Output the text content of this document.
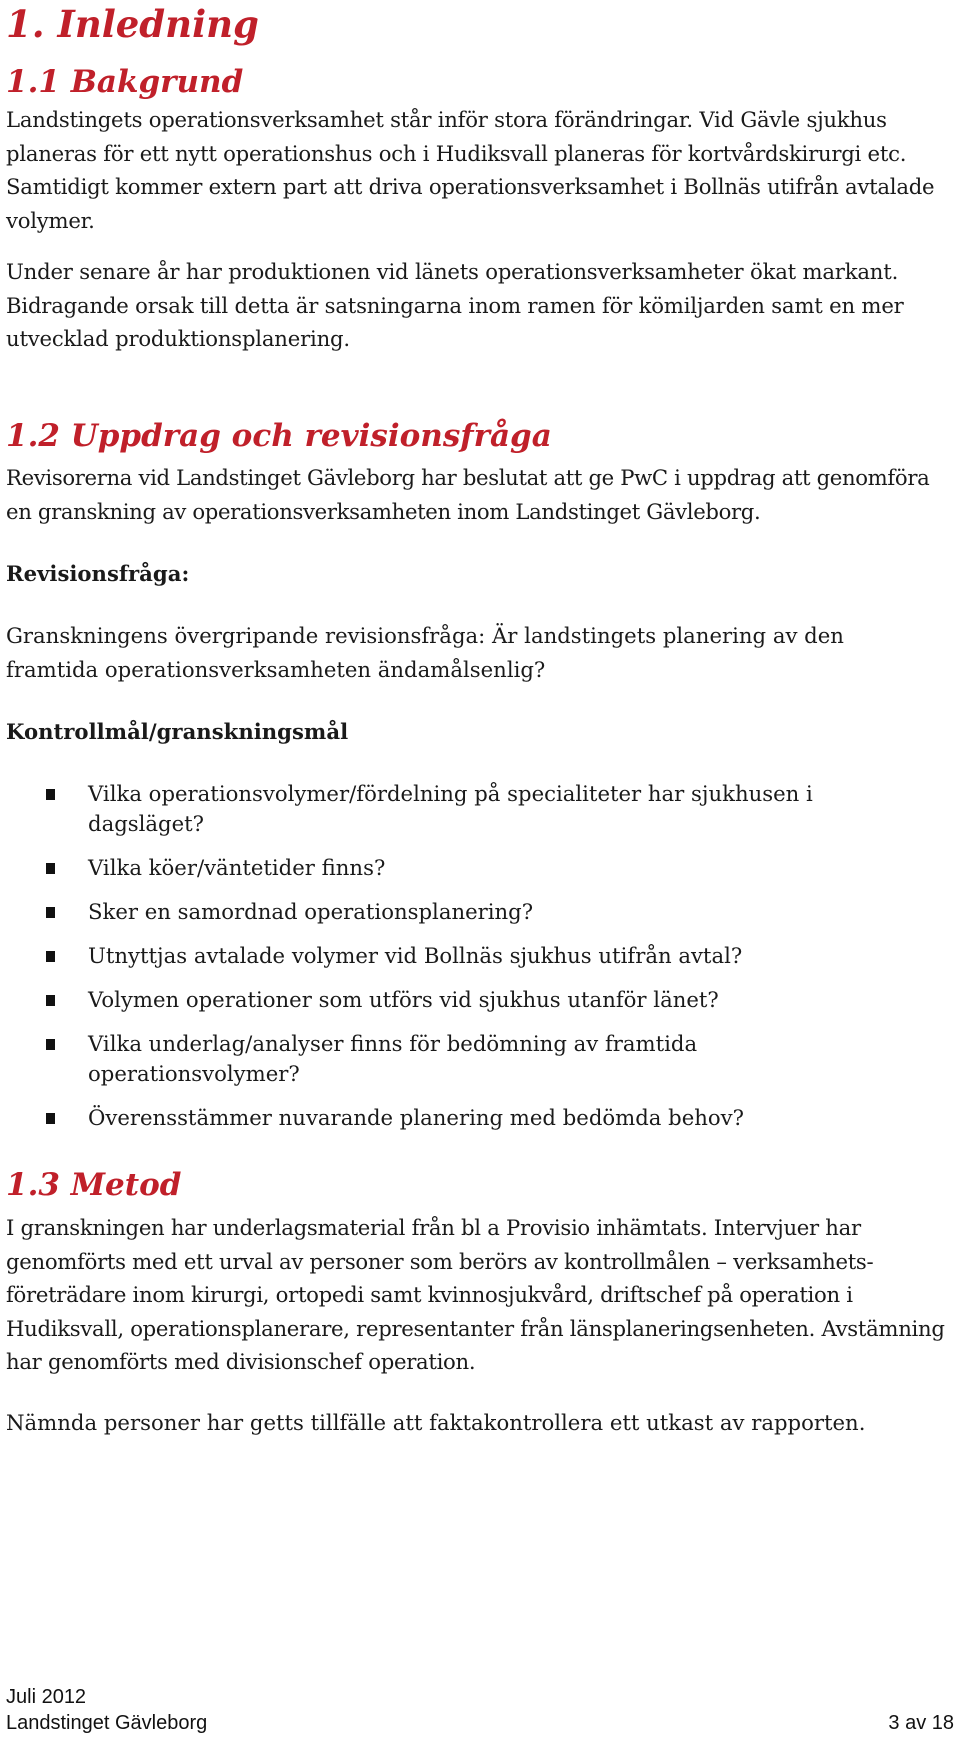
1. Inledning
1.1 Bakgrund

Landstingets operationsverksamhet står inför stora förändringar. Vid Gävle sjukhus planeras för ett nytt operationshus och i Hudiksvall planeras för kortvårdskirurgi etc. Samtidigt kommer extern part att driva operationsverksamhet i Bollnäs utifrån avtalade volymer.

Under senare år har produktionen vid länets operationsverksamheter ökat markant. Bidragande orsak till detta är satsningarna inom ramen för kömiljarden samt en mer utvecklad produktionsplanering.

1.2 Uppdrag och revisionsfråga

Revisorerna vid Landstinget Gävleborg har beslutat att ge PwC i uppdrag att genomföra en granskning av operationsverksamheten inom Landstinget Gävleborg.

Revisionsfråga:

Granskningens övergripande revisionsfråga: Är landstingets planering av den framtida operationsverksamheten ändamålsenlig?

Kontrollmål/granskningsmål

Vilka operationsvolymer/fördelning på specialiteter har sjukhusen i dagsläget?
Vilka köer/väntetider finns?
Sker en samordnad operationsplanering?
Utnyttjas avtalade volymer vid Bollnäs sjukhus utifrån avtal?
Volymen operationer som utförs vid sjukhus utanför länet?
Vilka underlag/analyser finns för bedömning av framtida operationsvolymer?
Överensstämmer nuvarande planering med bedömda behov?
1.3 Metod

I granskningen har underlagsmaterial från bl a Provisio inhämtats. Intervjuer har genomförts med ett urval av personer som berörs av kontrollmålen – verksamhets-företrädare inom kirurgi, ortopedi samt kvinnosjukvård, driftschef på operation i Hudiksvall, operationsplanerare, representanter från länsplaneringsenheten. Avstämning har genomförts med divisionschef operation.

Nämnda personer har getts tillfälle att faktakontrollera ett utkast av rapporten.

Juli 2012

Landstinget Gävleborg	3 av 18
